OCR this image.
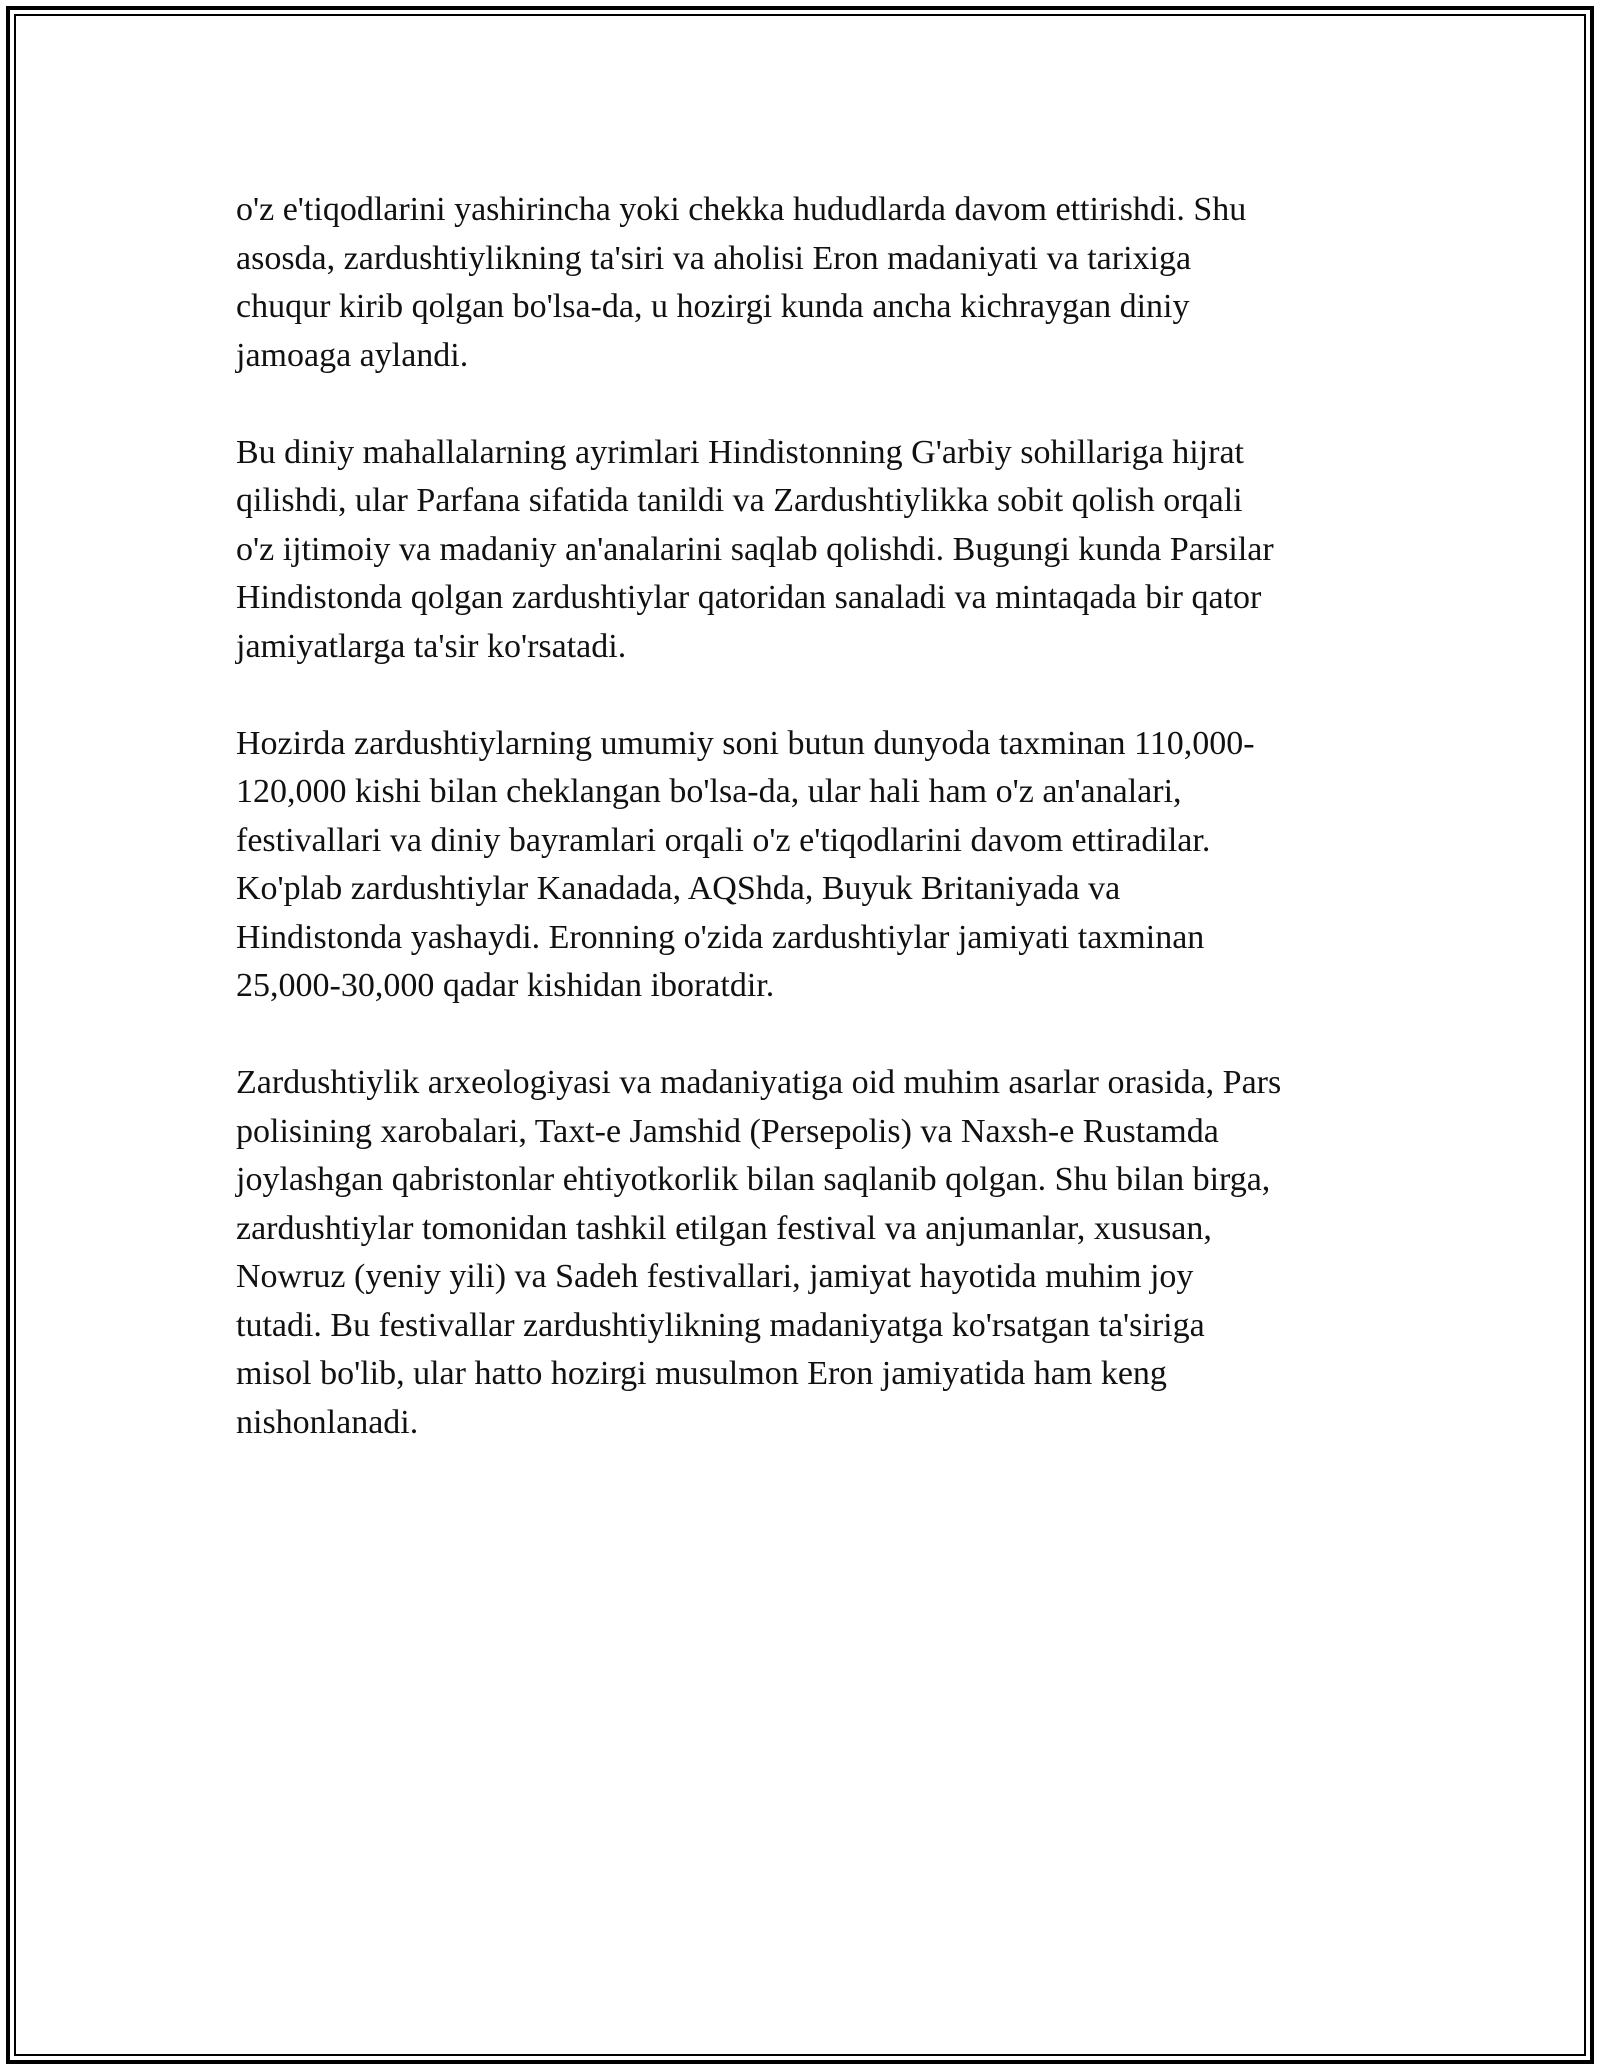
o'z e'tiqodlarini yashirincha yoki chekka hududlarda davom ettirishdi. Shu
asosda, zardushtiylikning ta'siri va aholisi Eron madaniyati va tarixiga
chuqur kirib qolgan bo'lsa-da, u hozirgi kunda ancha kichraygan diniy
jamoaga aylandi.

Bu diniy mahallalarning ayrimlari Hindistonning G'arbiy sohillariga hijrat
qilishdi, ular Parfana sifatida tanildi va Zardushtiylikka sobit qolish orqali
o'z ijtimoiy va madaniy an'analarini saqlab qolishdi. Bugungi kunda Parsilar
Hindistonda qolgan zardushtiylar qatoridan sanaladi va mintaqada bir qator
jamiyatlarga ta'sir ko'rsatadi.

Hozirda zardushtiylarning umumiy soni butun dunyoda taxminan 110,000-
120,000 kishi bilan cheklangan bo'lsa-da, ular hali ham o'z an'analari,
festivallari va diniy bayramlari orqali o'z e'tiqodlarini davom ettiradilar.
Ko'plab zardushtiylar Kanadada, AQShda, Buyuk Britaniyada va
Hindistonda yashaydi. Eronning o'zida zardushtiylar jamiyati taxminan
25,000-30,000 qadar kishidan iboratdir.

Zardushtiylik arxeologiyasi va madaniyatiga oid muhim asarlar orasida, Pars
polisining xarobalari, Taxt-e Jamshid (Persepolis) va Naxsh-e Rustamda
joylashgan qabristonlar ehtiyotkorlik bilan saqlanib qolgan. Shu bilan birga,
zardushtiylar tomonidan tashkil etilgan festival va anjumanlar, xususan,
Nowruz (yeniy yili) va Sadeh festivallari, jamiyat hayotida muhim joy
tutadi. Bu festivallar zardushtiylikning madaniyatga ko'rsatgan ta'siriga
misol bo'lib, ular hatto hozirgi musulmon Eron jamiyatida ham keng
nishonlanadi.
